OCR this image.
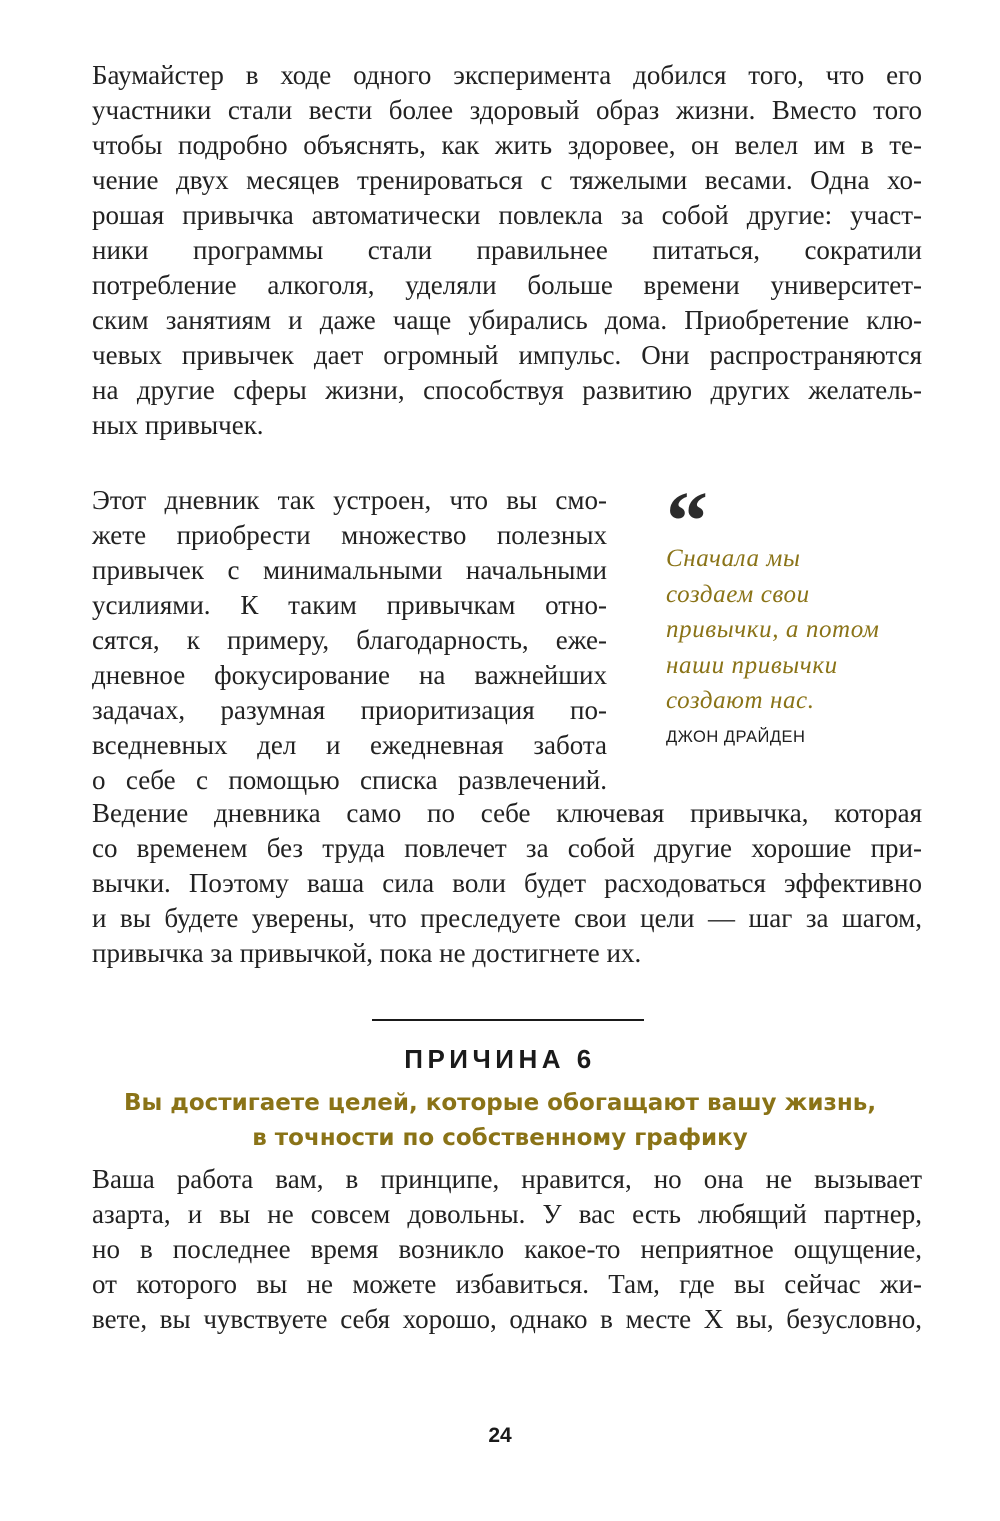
Баумайстер в ходе одного эксперимента добился того, что его
участники стали вести более здоровый образ жизни. Вместо того
чтобы подробно объяснять, как жить здоровее, он велел им в те-
чение двух месяцев тренироваться с тяжелыми весами. Одна хо-
рошая привычка автоматически повлекла за собой другие: участ-
ники программы стали правильнее питаться, сократили
потребление алкоголя, уделяли больше времени университет-
ским занятиям и даже чаще убирались дома. Приобретение клю-
чевых привычек дает огромный импульс. Они распространяются
на другие сферы жизни, способствуя развитию других желатель-
ных привычек.
Этот дневник так устроен, что вы смо-
жете приобрести множество полезных
привычек с минимальными начальными
усилиями. К таким привычкам отно-
сятся, к примеру, благодарность, еже-
дневное фокусирование на важнейших
задачах, разумная приоритизация по-
вседневных дел и ежедневная забота
о себе с помощью списка развлечений.
“
Сначала мы
создаем свои
привычки, а потом
наши привычки
создают нас.
ДЖОН ДРАЙДЕН
Ведение дневника само по себе ключевая привычка, которая
со временем без труда повлечет за собой другие хорошие при-
вычки. Поэтому ваша сила воли будет расходоваться эффективно
и вы будете уверены, что преследуете свои цели — шаг за шагом,
привычка за привычкой, пока не достигнете их.
ПРИЧИНА 6
Вы достигаете целей, которые обогащают вашу жизнь,
в точности по собственному графику
Ваша работа вам, в принципе, нравится, но она не вызывает
азарта, и вы не совсем довольны. У вас есть любящий партнер,
но в последнее время возникло какое-то неприятное ощущение,
от которого вы не можете избавиться. Там, где вы сейчас жи-
вете, вы чувствуете себя хорошо, однако в месте X вы, безусловно,
24
